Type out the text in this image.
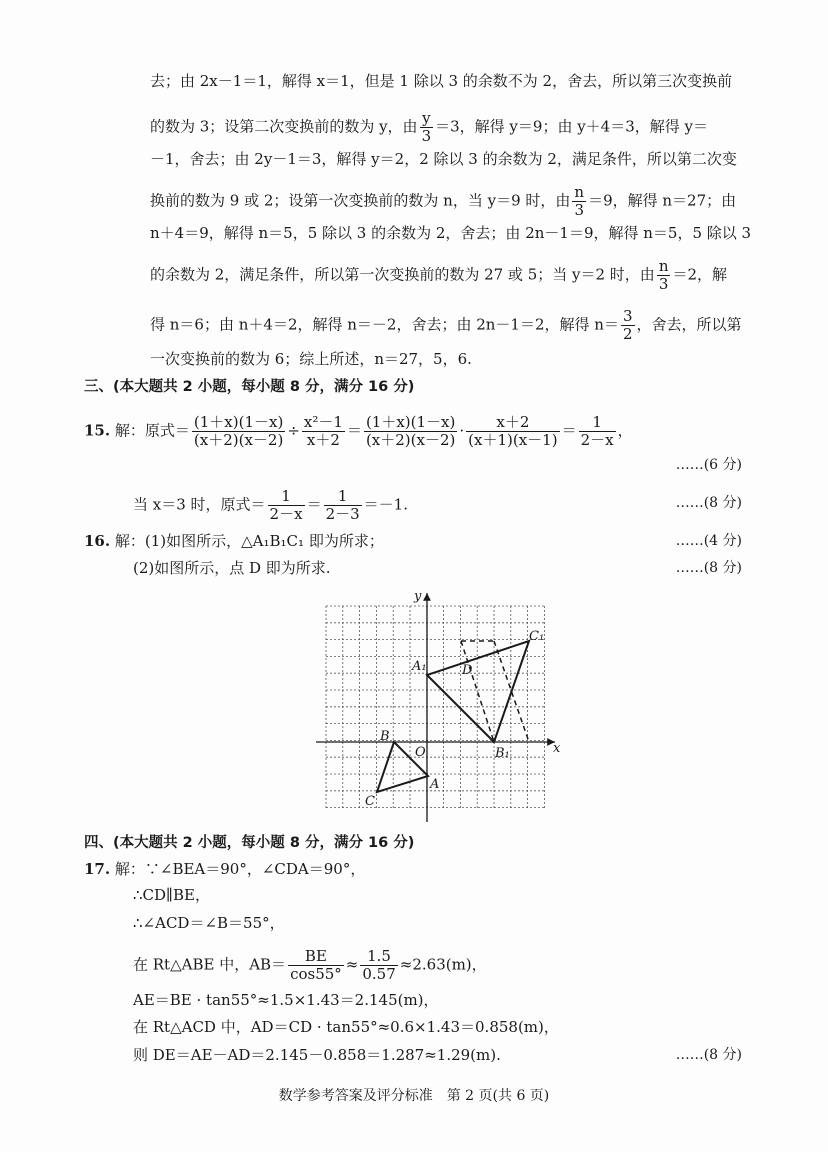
去；由 2x－1＝1，解得 x＝1，但是 1 除以 3 的余数不为 2，舍去，所以第三次变换前
的数为 3；设第二次变换前的数为 y，由 $\frac{y}{3} =3$，解得 y＝9；由 y＋4＝3，解得 y＝
－1，舍去；由 2y－1＝3，解得 y＝2，2 除以 3 的余数为 2，满足条件，所以第二次变
换前的数为 9 或 2；设第一次变换前的数为 n，当 y＝9 时，由 $\frac{n}{3} =9$，解得 n＝27；由
n＋4＝9，解得 n＝5，5 除以 3 的余数为 2，舍去；由 2n－1＝9，解得 n＝5，5 除以 3
的余数为 2，满足条件，所以第一次变换前的数为 27 或 5；当 y＝2 时，由 $\frac{n}{3} =2$，解
得 n＝6；由 n＋4＝2，解得 n＝－2，舍去；由 2n－1＝2，解得 $n= \frac{3}{2}$ ，舍去，所以第
一次变换前的数为 6；综上所述，n＝27，5，6.
三、(本大题共 2 小题，每小题 8 分，满分 16 分)
15. 解：原式＝ $\frac{(1+x)(1-x)}{(x+2)(x-2)} \div \frac{\text{x²－1}}{x+2} = \frac{(1+x)(1-x)}{(x+2)(x-2)} \cdot \frac{x+2}{(x+1)(x-1)} = \frac{1}{2-x}$ ，
……(6 分)
当 x＝3 时，原式＝ $\frac{1}{2-x} = \frac{1}{2-3} =-1$.	……(8 分)
16. 解：(1)如图所示，△A₁B₁C₁ 即为所求；	……(4 分)
(2)如图所示，点 D 即为所求.	……(8 分)
A₁
B₁
C₁
D
A
B
C
O	x
y
四、(本大题共 2 小题，每小题 8 分，满分 16 分)
17. 解：∵∠BEA＝90°，∠CDA＝90°，
∴CD∥BE，
∴∠ACD＝∠B＝55°，
在 Rt△ABE 中，$AB= \frac{BE}{\cos 55^\circ} \approx \frac{1.5}{0.57} \approx 2.63(m)$，
AE＝BE · tan55°≈1.5×1.43＝2.145(m)，
在 Rt△ACD 中，AD＝CD · tan55°≈0.6×1.43＝0.858(m)，
则 DE＝AE－AD＝2.145－0.858＝1.287≈1.29(m).	……(8 分)
数学参考答案及评分标准　第 2 页(共 6 页)
